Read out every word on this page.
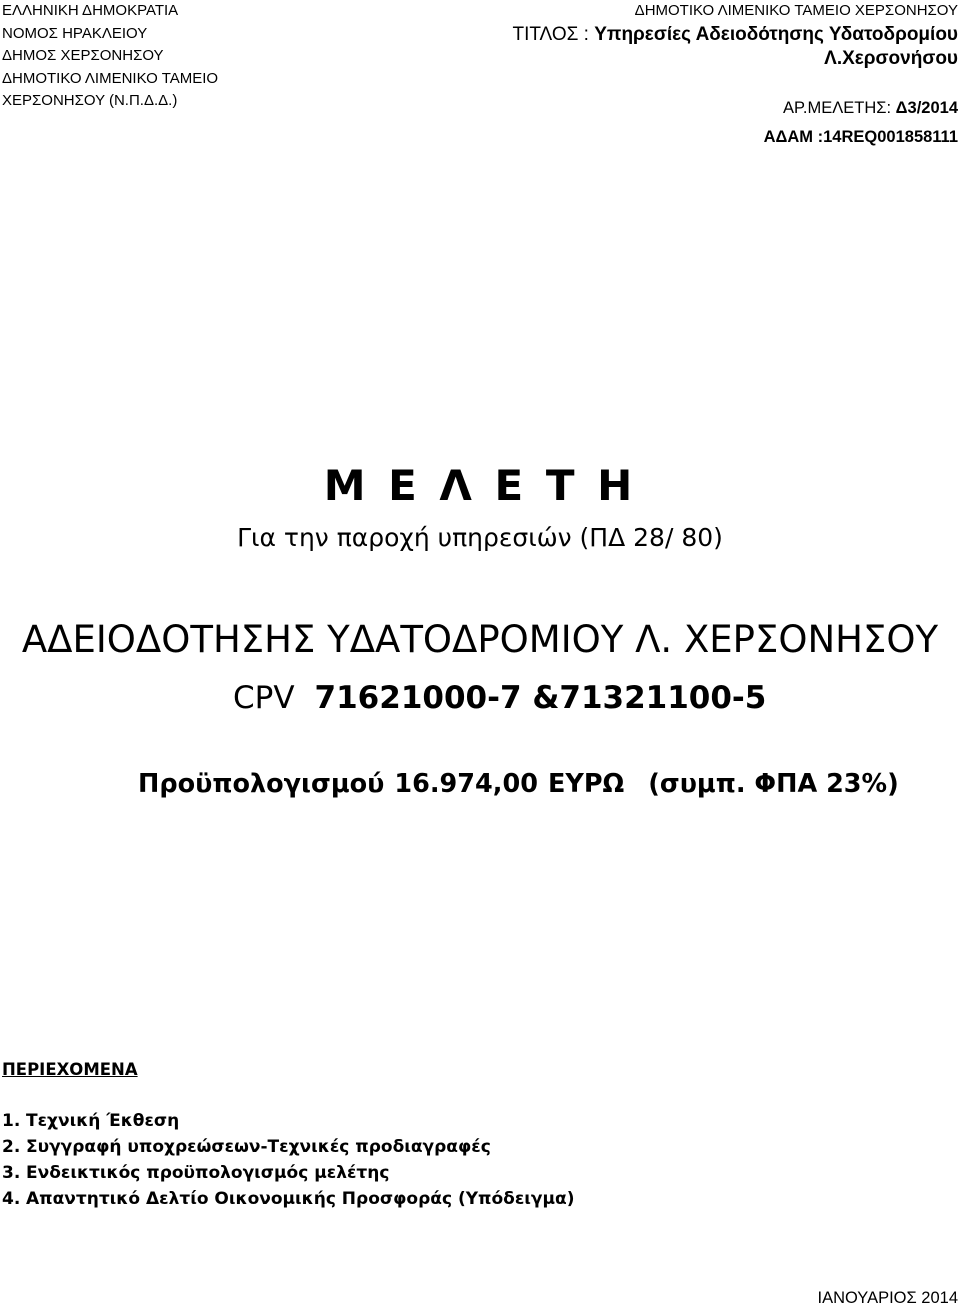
ΕΛΛΗΝΙΚΗ ΔΗΜΟΚΡΑΤΙΑ
ΝΟΜΟΣ ΗΡΑΚΛΕΙΟΥ
ΔΗΜΟΣ ΧΕΡΣΟΝΗΣΟΥ
ΔΗΜΟΤΙΚΟ ΛΙΜΕΝΙΚΟ ΤΑΜΕΙΟ
ΧΕΡΣΟΝΗΣΟΥ (Ν.Π.Δ.Δ.)
ΔΗΜΟΤΙΚΟ ΛΙΜΕΝΙΚΟ ΤΑΜΕΙΟ ΧΕΡΣΟΝΗΣΟΥ
ΤΙΤΛΟΣ : Υπηρεσίες Αδειοδότησης Υδατοδρομίου
Λ.Χερσονήσου
ΑΡ.ΜΕΛΕΤΗΣ: Δ3/2014
ΑΔΑΜ :14REQ001858111
Μ Ε Λ Ε Τ Η
Για την παροχή υπηρεσιών (ΠΔ 28/ 80)
ΑΔΕΙΟΔΟΤΗΣΗΣ ΥΔΑΤΟΔΡΟΜΙΟΥ Λ. ΧΕΡΣΟΝΗΣΟΥ
CPV 71621000-7 &71321100-5
Προϋπολογισμού 16.974,00 ΕΥΡΩ (συμπ. ΦΠΑ 23%)
ΠΕΡΙΕΧΟΜΕΝΑ
1. Τεχνική Έκθεση
2. Συγγραφή υποχρεώσεων-Τεχνικές προδιαγραφές
3. Ενδεικτικός προϋπολογισμός μελέτης
4. Απαντητικό Δελτίο Οικονομικής Προσφοράς (Υπόδειγμα)
ΙΑΝΟΥΑΡΙΟΣ 2014
